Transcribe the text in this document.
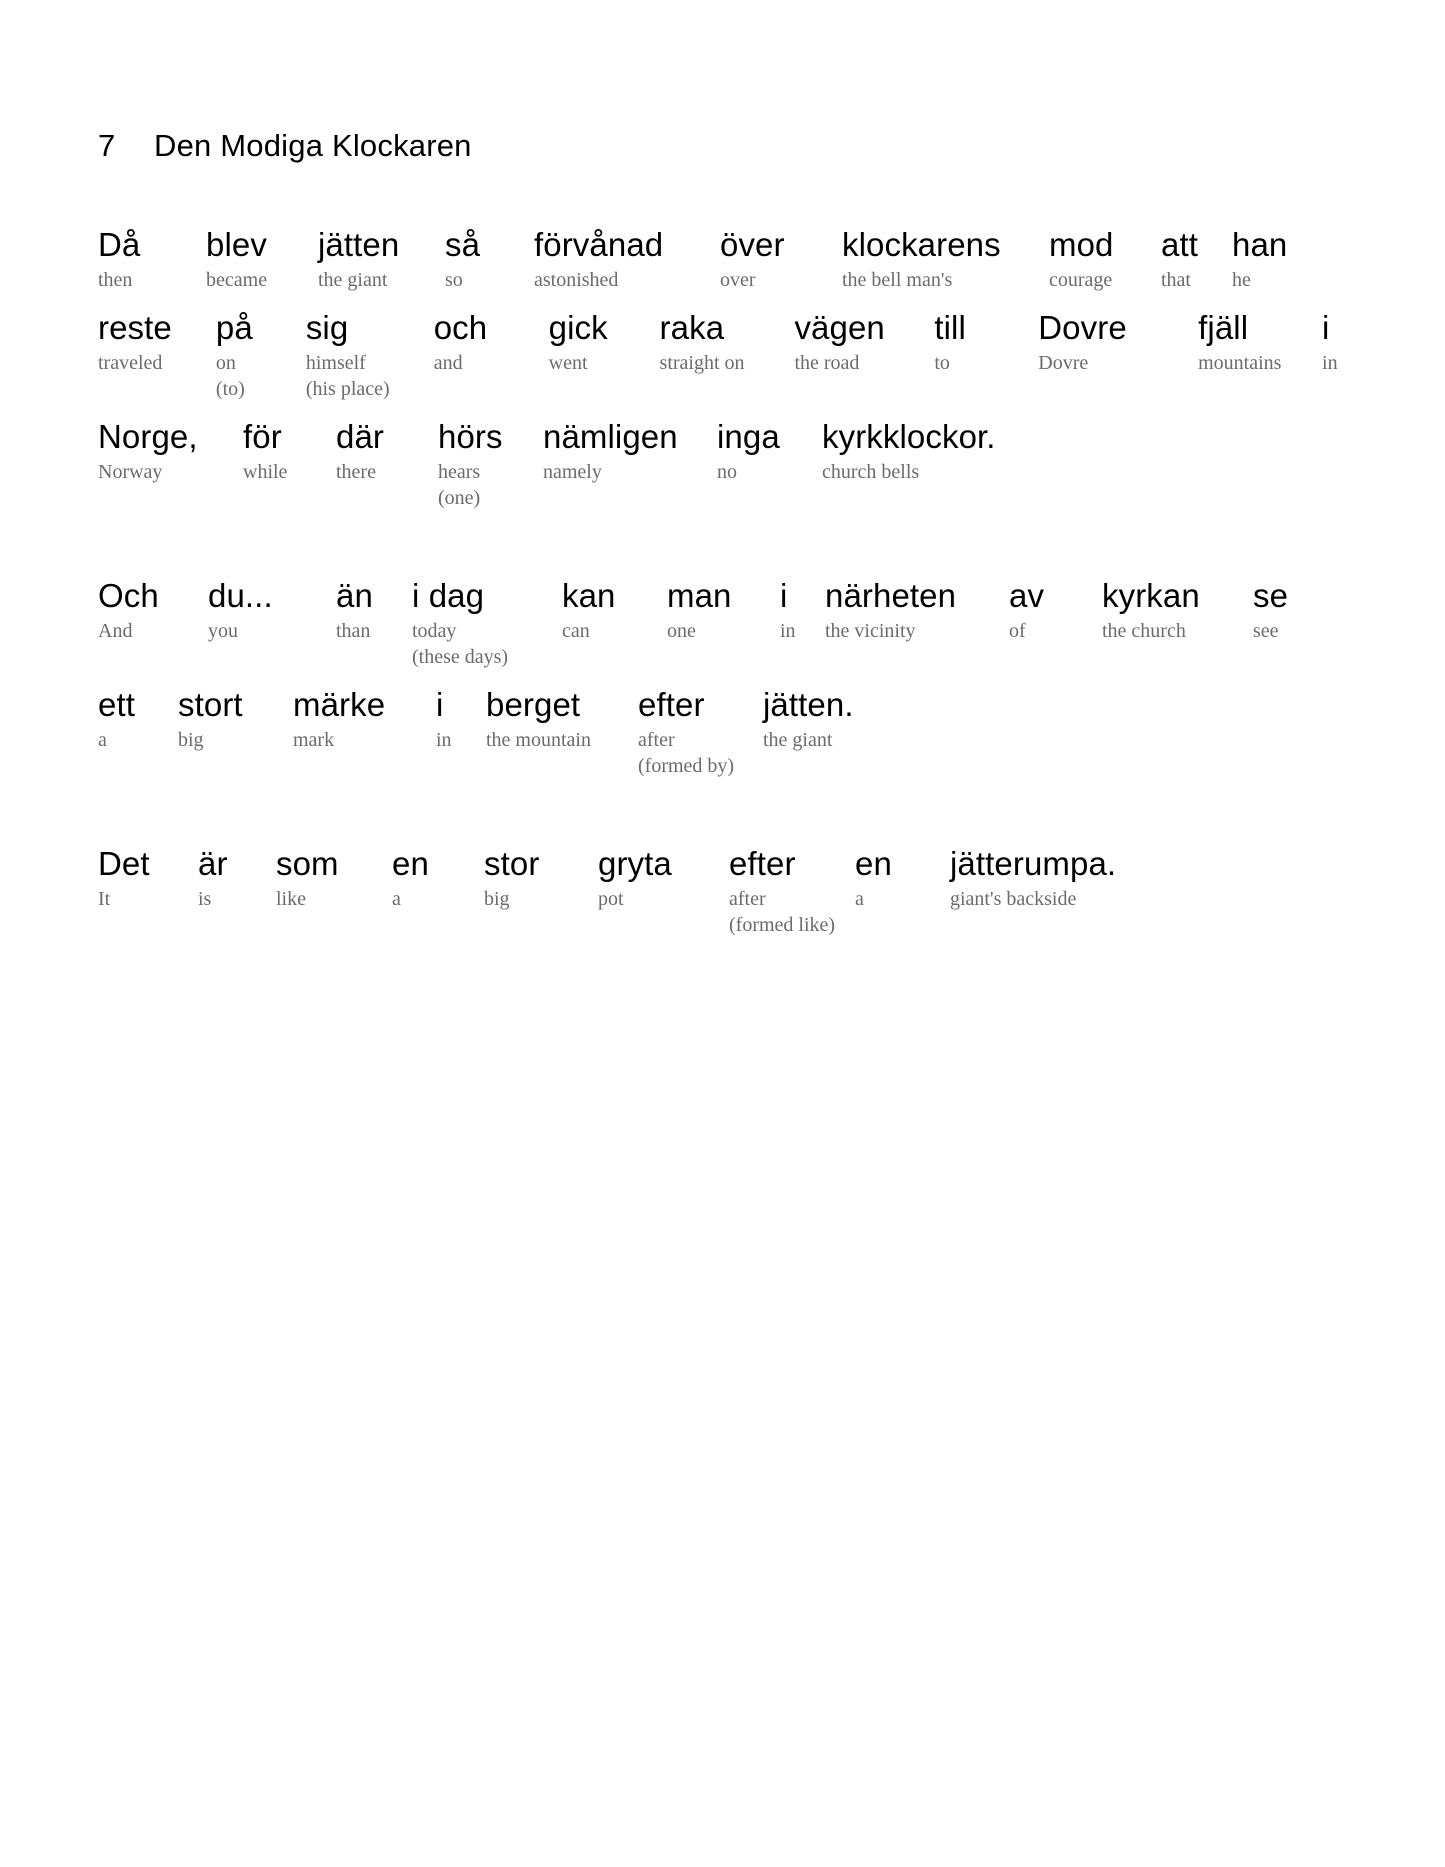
7	Den Modiga Klockaren
Då
then
blev
became
jätten
the giant
så
so
förvånad
astonished
över
over
klockarens
the bell man's
mod
courage
att
that
han
he
reste
traveled
på
on
(to)
sig
himself
(his place)
och
and
gick
went
raka
straight on
vägen
the road
till
to
Dovre
Dovre
fjäll
mountains
i
in
Norge,
Norway
för
while
där
there
hörs
hears
(one)
nämligen
namely
inga
no
kyrkklockor.
church bells
Och
And
du...
you
än
than
i dag
today
(these days)
kan
can
man
one
i
in
närheten
the vicinity
av
of
kyrkan
the church
se
see
ett
a
stort
big
märke
mark
i
in
berget
the mountain
efter
after
(formed by)
jätten.
the giant
Det
It
är
is
som
like
en
a
stor
big
gryta
pot
efter
after
(formed like)
en
a
jätterumpa.
giant's backside
